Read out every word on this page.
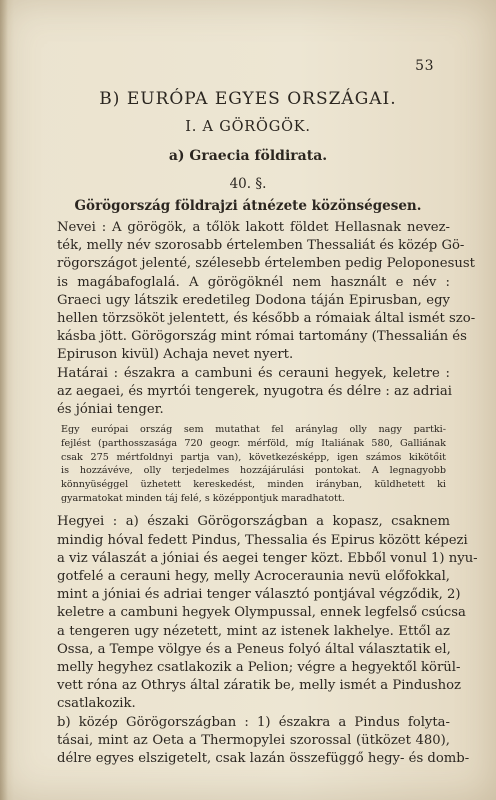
53
B) EURÓPA EGYES ORSZÁGAI.
I. A GÖRÖGÖK.
a) Graecia földirata.
40. §.
Görögország földrajzi átnézete közönségesen.
Nevei : A görögök, a tőlök lakott földet Hellasnak nevez-
ték, melly név szorosabb értelemben Thessaliát és közép Gö-
rögországot jelenté, szélesebb értelemben pedig Peloponesust
is magábafoglalá. A görögöknél nem használt e név :
Graeci ugy látszik eredetileg Dodona táján Epirusban, egy
hellen törzsököt jelentett, és később a rómaiak által ismét szo-
kásba jött. Görögország mint római tartomány (Thessalián és
Epiruson kivül) Achaja nevet nyert.
Határai : északra a cambuni és cerauni hegyek, keletre :
az aegaei, és myrtói tengerek, nyugotra és délre : az adriai
és jóniai tenger.
Egy európai ország sem mutathat fel aránylag olly nagy partki-
fejlést (parthosszasága 720 geogr. mérföld, míg Italiának 580, Galliának
csak 275 mértfoldnyi partja van), következésképp, igen számos kikötőit
is hozzávéve, olly terjedelmes hozzájárulási pontokat. A legnagyobb
könnyüséggel üzhetett kereskedést, minden irányban, küldhetett ki
gyarmatokat minden táj felé, s középpontjuk maradhatott.
Hegyei : a) északi Görögországban a kopasz, csaknem
mindig hóval fedett Pindus, Thessalia és Epirus között képezi
a viz válaszát a jóniai és aegei tenger közt. Ebből vonul 1) nyu-
gotfelé a cerauni hegy, melly Acroceraunia nevü előfokkal,
mint a jóniai és adriai tenger választó pontjával végződik, 2)
keletre a cambuni hegyek Olympussal, ennek legfelső csúcsa
a tengeren ugy nézetett, mint az istenek lakhelye. Ettől az
Ossa, a Tempe völgye és a Peneus folyó által választatik el,
melly hegyhez csatlakozik a Pelion; végre a hegyektől körül-
vett róna az Othrys által záratik be, melly ismét a Pindushoz
csatlakozik.
b) közép Görögországban : 1) északra a Pindus folyta-
tásai, mint az Oeta a Thermopylei szorossal (ütközet 480),
délre egyes elszigetelt, csak lazán összefüggő hegy- és domb-
